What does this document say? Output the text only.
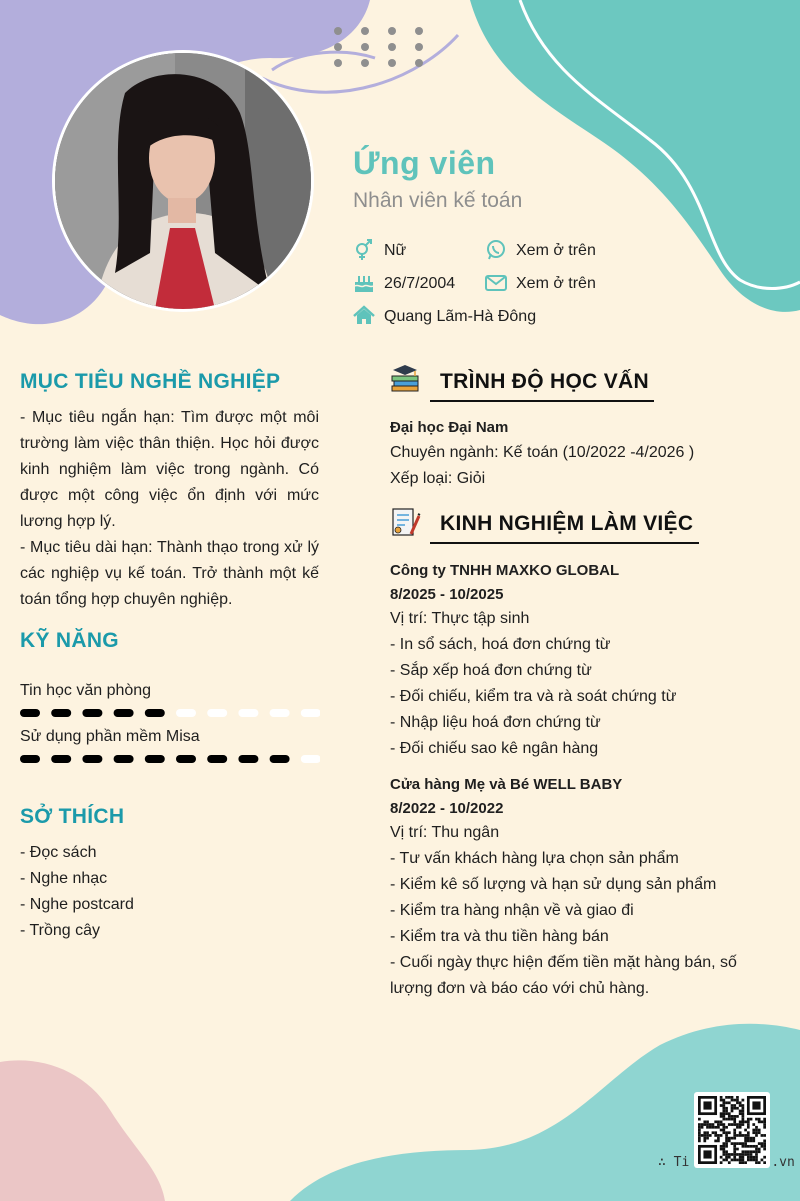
Ứng viên
Nhân viên kế toán
Nữ	Xem ở trên
26/7/2004	Xem ở trên
Quang Lãm-Hà Đông
MỤC TIÊU NGHỀ NGHIỆP

- Mục tiêu ngắn hạn: Tìm được một môi trường làm việc thân thiện. Học hỏi được kinh nghiệm làm việc trong ngành. Có được một công việc ổn định với mức lương hợp lý.

- Mục tiêu dài hạn: Thành thạo trong xử lý các nghiệp vụ kế toán. Trở thành một kế toán tổng hợp chuyên nghiệp.

KỸ NĂNG
Tin học văn phòng
Sử dụng phần mềm Misa
SỞ THÍCH
- Đọc sách
- Nghe nhạc
- Nghe postcard
- Trồng cây
TRÌNH ĐỘ HỌC VẤN
Đại học Đại Nam
Chuyên ngành: Kế toán (10/2022 -4/2026 )
Xếp loại: Giỏi
KINH NGHIỆM LÀM VIỆC
Công ty TNHH MAXKO GLOBAL
8/2025 - 10/2025
Vị trí: Thực tập sinh
- In sổ sách, hoá đơn chứng từ
- Sắp xếp hoá đơn chứng từ
- Đối chiếu, kiểm tra và rà soát chứng từ
- Nhập liệu hoá đơn chứng từ
- Đối chiếu sao kê ngân hàng
Cửa hàng Mẹ và Bé WELL BABY
8/2022 - 10/2022
Vị trí: Thu ngân
- Tư vấn khách hàng lựa chọn sản phẩm
- Kiểm kê số lượng và hạn sử dụng sản phẩm
- Kiểm tra hàng nhận về và giao đi
- Kiểm tra và thu tiền hàng bán
- Cuối ngày thực hiện đếm tiền mặt hàng bán, số
lượng đơn và báo cáo với chủ hàng.
∴ Ti	.vn
